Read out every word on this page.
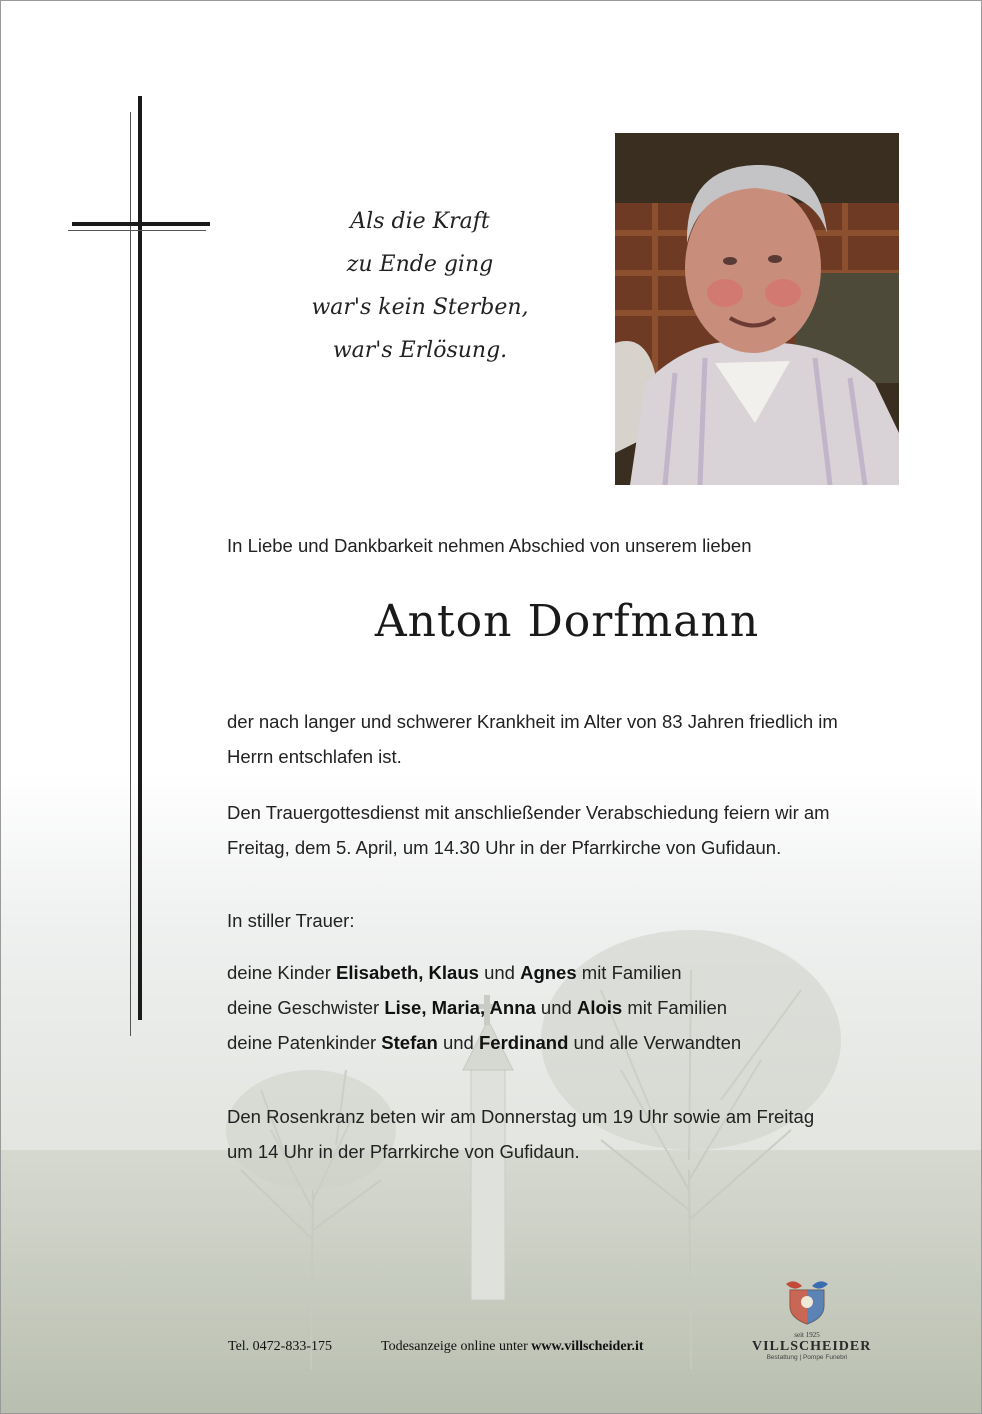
Als die Kraft
zu Ende ging
war's kein Sterben,
war's Erlösung.
In Liebe und Dankbarkeit nehmen Abschied von unserem lieben
Anton Dorfmann

der nach langer und schwerer Krankheit im Alter von 83 Jahren friedlich im

Herrn entschlafen ist.

Den Trauergottesdienst mit anschließender Verabschiedung feiern wir am

Freitag, dem 5. April, um 14.30 Uhr in der Pfarrkirche von Gufidaun.

In stiller Trauer:

deine Kinder Elisabeth, Klaus und Agnes mit Familien

deine Geschwister Lise, Maria, Anna und Alois mit Familien

deine Patenkinder Stefan und Ferdinand und alle Verwandten

Den Rosenkranz beten wir am Donnerstag um 19 Uhr sowie am Freitag

um 14 Uhr in der Pfarrkirche von Gufidaun.

Tel. 0472-833-175	Todesanzeige online unter www.villscheider.it
seit 1925
VILLSCHEIDER
Bestattung | Pompe Funebri
